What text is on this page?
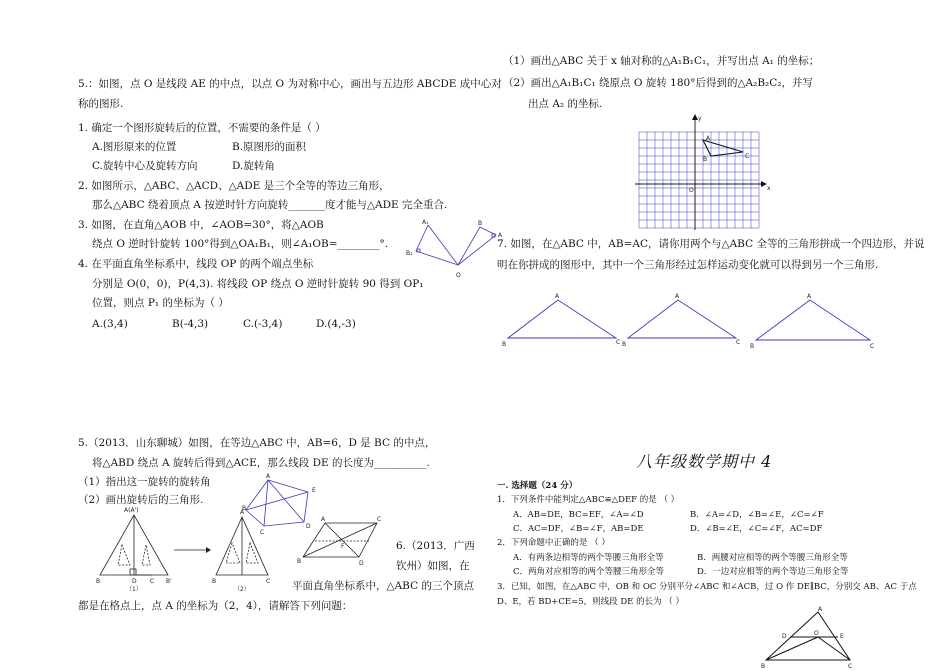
5.：如图，点 O 是线段 AE 的中点，以点 O 为对称中心，画出与五边形 ABCDE 成中心对
称的图形.
1. 确定一个图形旋转后的位置，不需要的条件是（ ）
A.图形原来的位置	B.原图形的面积
C.旋转中心及旋转方向	D.旋转角
2. 如图所示，△ABC、△ACD、△ADE 是三个全等的等边三角形，
那么△ABC 绕着顶点 A 按逆时针方向旋转_______度才能与△ADE 完全重合.
3. 如图，在直角△AOB 中，∠AOB=30°，将△AOB
绕点 O 逆时针旋转 100°得到△OA₁B₁，则∠A₁OB=________°.
4. 在平面直角坐标系中，线段 OP 的两个端点坐标
分别是 O(0，0)，P(4,3). 将线段 OP 绕点 O 逆时针旋转 90 得到 OP₁
位置，则点 P₁ 的坐标为（ ）
A.(3,4)	B(-4,3)	C.(-3,4)	D.(4,-3)
A₁
B₁
B
A
O
5.（2013．山东聊城）如图，在等边△ABC 中，AB=6，D 是 BC 的中点，
将△ABD 绕点 A 旋转后得到△ACE，那么线段 DE 的长度为__________.
（1）指出这一旋转的旋转角
（2）画出旋转后的三角形.
A(A')
B	D C B'
（1）
A
B	C
（2）
A
B
C
D
E
A
B
C
D
F	6.（2013．广西
钦州）如图，在
平面直角坐标系中，△ABC 的三个顶点
都是在格点上，点 A 的坐标为（2，4），请解答下列问题：
（1）画出△ABC 关于 x 轴对称的△A₁B₁C₁，并写出点 A₁ 的坐标；
（2）画出△A₁B₁C₁ 绕原点 O 旋转 180°后得到的△A₂B₂C₂，并写
出点 A₂ 的坐标.
y
x
O
A
B	C
7. 如图，在△ABC 中，AB=AC，请你用两个与△ABC 全等的三角形拼成一个四边形，并说
明在你拼成的图形中，其中一个三角形经过怎样运动变化就可以得到另一个三角形.
A
B	C
A
B	C
A
B	C
八年级数学期中 4
一. 选择题（24 分）
1．下列条件中能判定△ABC≌△DEF 的是 （ ）
A．AB=DE，BC=EF，∠A=∠D	B．∠A=∠D，∠B=∠E，∠C=∠F
C．AC=DF，∠B=∠F，AB=DE	D．∠B=∠E，∠C=∠F，AC=DF
2．下列命题中正确的是 （ ）
A．有两条边相等的两个等腰三角形全等	B．两腰对应相等的两个等腰三角形全等
C．两角对应相等的两个等腰三角形全等	D．一边对应相等的两个等边三角形全等
3．已知，如图，在△ABC 中，OB 和 OC 分别平分∠ABC 和∠ACB，过 O 作 DE∥BC，分别交 AB、AC 于点
D、E，若 BD+CE=5，则线段 DE 的长为 （ ）
A
D	O	E
B	C
